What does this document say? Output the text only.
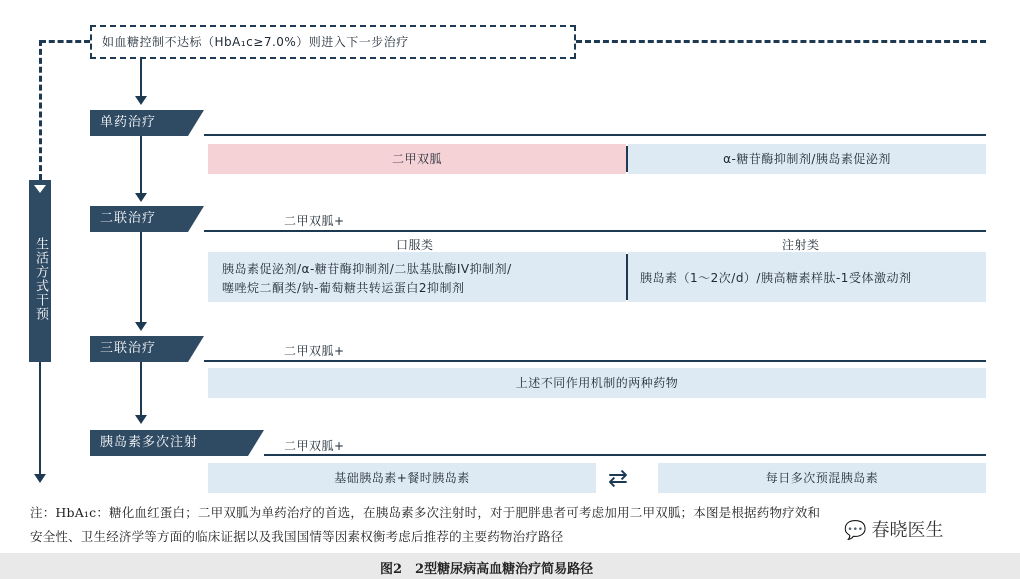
如血糖控制不达标（HbA₁c≥7.0%）则进入下一步治疗
生活方式干预
单药治疗
二甲双胍	α-糖苷酶抑制剂/胰岛素促泌剂
二联治疗	二甲双胍+
口服类	注射类
胰岛素促泌剂/α-糖苷酶抑制剂/二肽基肽酶IV抑制剂/
噻唑烷二酮类/钠-葡萄糖共转运蛋白2抑制剂
胰岛素（1～2次/d）/胰高糖素样肽-1受体激动剂
三联治疗	二甲双胍+
上述不同作用机制的两种药物
胰岛素多次注射	二甲双胍+
基础胰岛素+餐时胰岛素	⇄	每日多次预混胰岛素
注：HbA₁c：糖化血红蛋白；二甲双胍为单药治疗的首选，在胰岛素多次注射时，对于肥胖患者可考虑加用二甲双胍；本图是根据药物疗效和
安全性、卫生经济学等方面的临床证据以及我国国情等因素权衡考虑后推荐的主要药物治疗路径	💬 春晓医生
图2　2型糖尿病高血糖治疗简易路径
